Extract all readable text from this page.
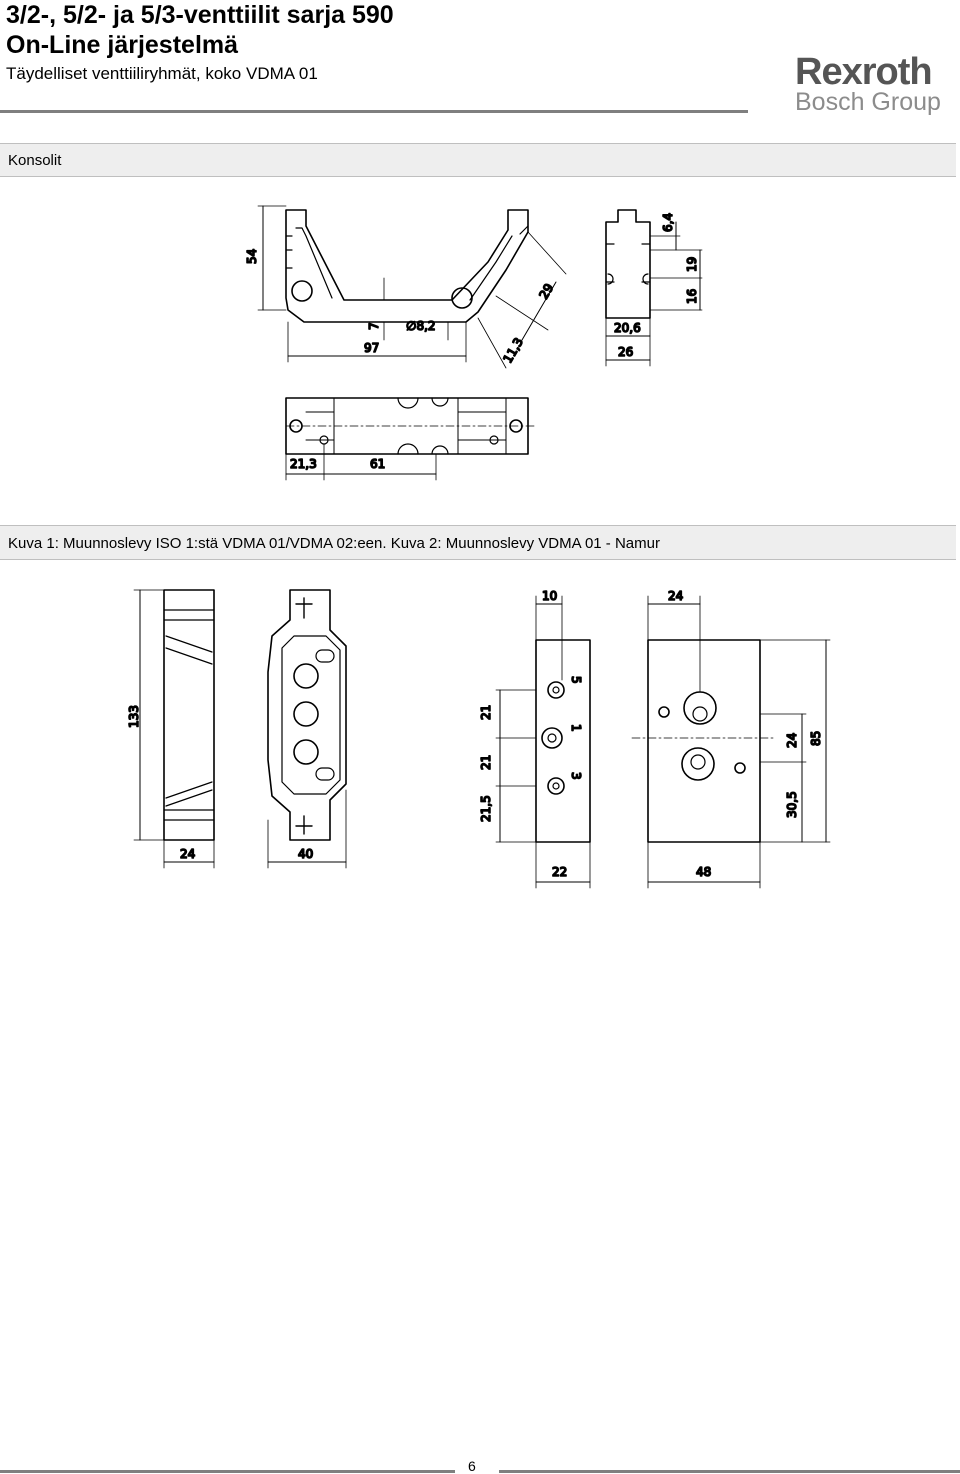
3/2-, 5/2- ja 5/3-venttiilit sarja 590
On-Line järjestelmä
Täydelliset venttiiliryhmät, koko VDMA 01	Rexroth
Bosch Group
Konsolit
54
7 ∅8,2
97	11,3
29
6,4
19
16
20,6
26
21,3	61
133
24	40
10
21
21
21,5
22
5
1
3
24
24 85
30,5
48
Kuva 1: Muunnoslevy ISO 1:stä VDMA 01/VDMA 02:een. Kuva 2: Muunnoslevy VDMA 01 - Namur
6
